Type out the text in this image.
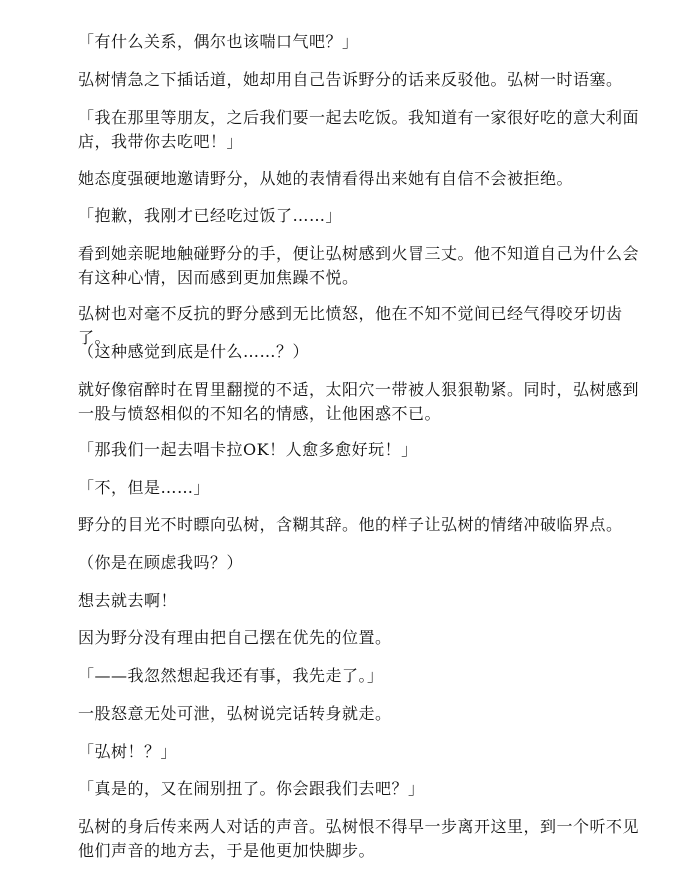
「有什么关系，偶尔也该喘口气吧？」

弘树情急之下插话道，她却用自己告诉野分的话来反驳他。弘树一时语塞。

「我在那里等朋友，之后我们要一起去吃饭。我知道有一家很好吃的意大利面店，我带你去吃吧！」

她态度强硬地邀请野分，从她的表情看得出来她有自信不会被拒绝。

「抱歉，我刚才已经吃过饭了……」

看到她亲昵地触碰野分的手，便让弘树感到火冒三丈。他不知道自己为什么会有这种心情，因而感到更加焦躁不悦。

弘树也对毫不反抗的野分感到无比愤怒，他在不知不觉间已经气得咬牙切齿了。

（这种感觉到底是什么……？）

就好像宿醉时在胃里翻搅的不适，太阳穴一带被人狠狠勒紧。同时，弘树感到一股与愤怒相似的不知名的情感，让他困惑不已。

「那我们一起去唱卡拉OK！人愈多愈好玩！」

「不，但是……」

野分的目光不时瞟向弘树，含糊其辞。他的样子让弘树的情绪冲破临界点。

（你是在顾虑我吗？）

想去就去啊！

因为野分没有理由把自己摆在优先的位置。

「——我忽然想起我还有事，我先走了。」

一股怒意无处可泄，弘树说完话转身就走。

「弘树！？」

「真是的，又在闹别扭了。你会跟我们去吧？」

弘树的身后传来两人对话的声音。弘树恨不得早一步离开这里，到一个听不见他们声音的地方去，于是他更加快脚步。
